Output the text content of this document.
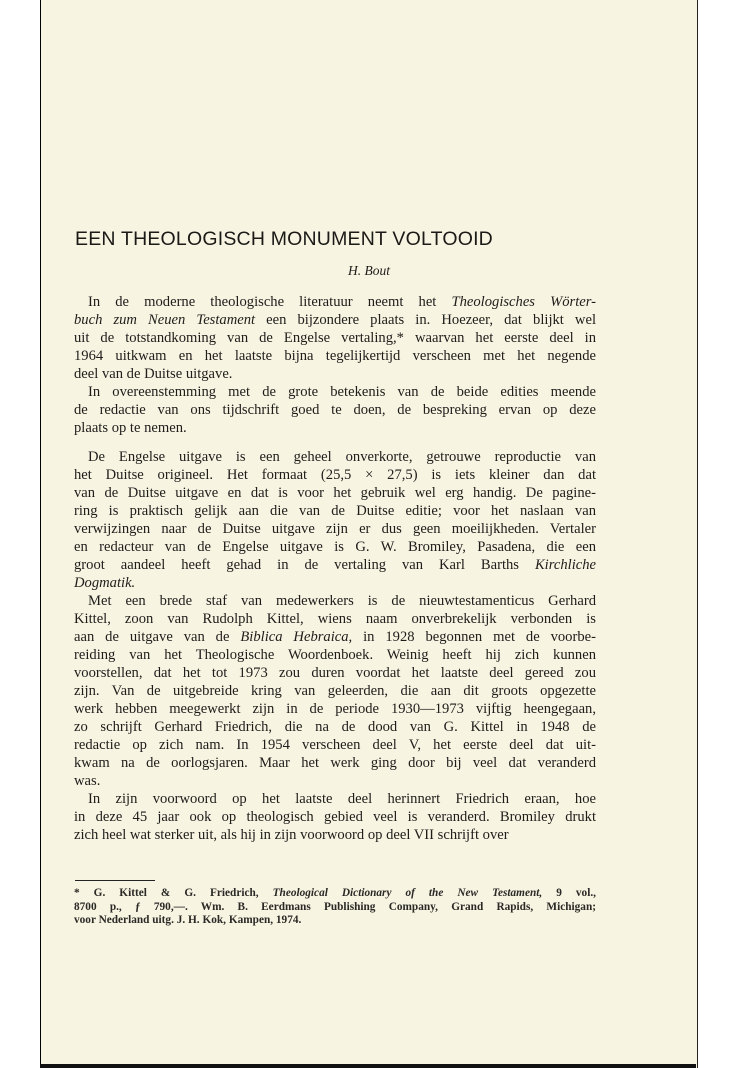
EEN THEOLOGISCH MONUMENT VOLTOOID

H. Bout

In de moderne theologische literatuur neemt het Theologisches Wörter-
buch zum Neuen Testament een bijzondere plaats in. Hoezeer, dat blijkt wel
uit de totstandkoming van de Engelse vertaling,* waarvan het eerste deel in
1964 uitkwam en het laatste bijna tegelijkertijd verscheen met het negende
deel van de Duitse uitgave.
In overeenstemming met de grote betekenis van de beide edities meende
de redactie van ons tijdschrift goed te doen, de bespreking ervan op deze
plaats op te nemen.
De Engelse uitgave is een geheel onverkorte, getrouwe reproductie van
het Duitse origineel. Het formaat (25,5 × 27,5) is iets kleiner dan dat
van de Duitse uitgave en dat is voor het gebruik wel erg handig. De pagine-
ring is praktisch gelijk aan die van de Duitse editie; voor het naslaan van
verwijzingen naar de Duitse uitgave zijn er dus geen moeilijkheden. Vertaler
en redacteur van de Engelse uitgave is G. W. Bromiley, Pasadena, die een
groot aandeel heeft gehad in de vertaling van Karl Barths Kirchliche
Dogmatik.
Met een brede staf van medewerkers is de nieuwtestamenticus Gerhard
Kittel, zoon van Rudolph Kittel, wiens naam onverbrekelijk verbonden is
aan de uitgave van de Biblica Hebraica, in 1928 begonnen met de voorbe-
reiding van het Theologische Woordenboek. Weinig heeft hij zich kunnen
voorstellen, dat het tot 1973 zou duren voordat het laatste deel gereed zou
zijn. Van de uitgebreide kring van geleerden, die aan dit groots opgezette
werk hebben meegewerkt zijn in de periode 1930—1973 vijftig heengegaan,
zo schrijft Gerhard Friedrich, die na de dood van G. Kittel in 1948 de
redactie op zich nam. In 1954 verscheen deel V, het eerste deel dat uit-
kwam na de oorlogsjaren. Maar het werk ging door bij veel dat veranderd
was.
In zijn voorwoord op het laatste deel herinnert Friedrich eraan, hoe
in deze 45 jaar ook op theologisch gebied veel is veranderd. Bromiley drukt
zich heel wat sterker uit, als hij in zijn voorwoord op deel VII schrijft over
* G. Kittel & G. Friedrich, Theological Dictionary of the New Testament, 9 vol.,
8700 p., ƒ 790,—. Wm. B. Eerdmans Publishing Company, Grand Rapids, Michigan;
voor Nederland uitg. J. H. Kok, Kampen, 1974.
